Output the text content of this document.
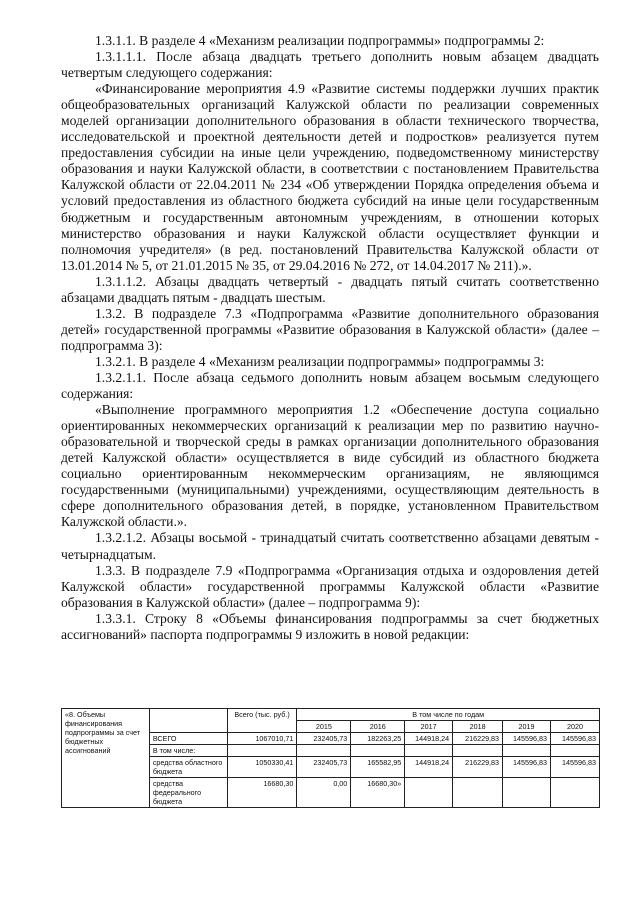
1.3.1.1. В разделе 4 «Механизм реализации подпрограммы» подпрограммы 2:

1.3.1.1.1. После абзаца двадцать третьего дополнить новым абзацем двадцать четвертым следующего содержания:

«Финансирование мероприятия 4.9 «Развитие системы поддержки лучших практик общеобразовательных организаций Калужской области по реализации современных моделей организации дополнительного образования в области технического творчества, исследовательской и проектной деятельности детей и подростков» реализуется путем предоставления субсидии на иные цели учреждению, подведомственному министерству образования и науки Калужской области, в соответствии с постановлением Правительства Калужской области от 22.04.2011 № 234 «Об утверждении Порядка определения объема и условий предоставления из областного бюджета субсидий на иные цели государственным бюджетным и государственным автономным учреждениям, в отношении которых министерство образования и науки Калужской области осуществляет функции и полномочия учредителя» (в ред. постановлений Правительства Калужской области от 13.01.2014 № 5, от 21.01.2015 № 35, от 29.04.2016 № 272, от 14.04.2017 № 211).».

1.3.1.1.2. Абзацы двадцать четвертый - двадцать пятый считать соответственно абзацами двадцать пятым - двадцать шестым.

1.3.2. В подразделе 7.3 «Подпрограмма «Развитие дополнительного образования детей» государственной программы «Развитие образования в Калужской области» (далее – подпрограмма 3):

1.3.2.1. В разделе 4 «Механизм реализации подпрограммы» подпрограммы 3:

1.3.2.1.1. После абзаца седьмого дополнить новым абзацем восьмым следующего содержания:

«Выполнение программного мероприятия 1.2 «Обеспечение доступа социально ориентированных некоммерческих организаций к реализации мер по развитию научно-образовательной и творческой среды в рамках организации дополнительного образования детей Калужской области» осуществляется в виде субсидий из областного бюджета социально ориентированным некоммерческим организациям, не являющимся государственными (муниципальными) учреждениями, осуществляющим деятельность в сфере дополнительного образования детей, в порядке, установленном Правительством Калужской области.».

1.3.2.1.2. Абзацы восьмой - тринадцатый считать соответственно абзацами девятым - четырнадцатым.

1.3.3. В подразделе 7.9 «Подпрограмма «Организация отдыха и оздоровления детей Калужской области» государственной программы Калужской области «Развитие образования в Калужской области» (далее – подпрограмма 9):

1.3.3.1. Строку 8 «Объемы финансирования подпрограммы за счет бюджетных ассигнований» паспорта подпрограммы 9 изложить в новой редакции:

«8. Объемы финансирования подпрограммы за счет бюджетных ассигнований		Всего (тыс. руб.)	В том числе по годам					
			2015	2016	2017	2018	2019	2020
	ВСЕГО	1067010,71	232405,73	182263,25	144918,24	216229,83	145596,83	145596,83
	В том числе:							
	средства областного бюджета	1050330,41	232405,73	165582,95	144918,24	216229,83	145596,83	145596,83
	средства федерального бюджета	16680,30	0,00	16680,30»				
